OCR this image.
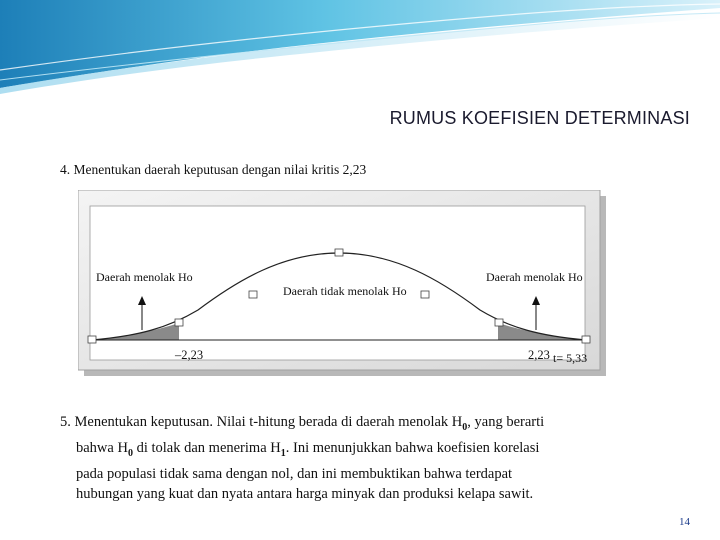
RUMUS KOEFISIEN DETERMINASI
4. Menentukan daerah keputusan dengan nilai kritis 2,23
Daerah menolak Ho
Daerah tidak menolak Ho
Daerah menolak Ho
–2,23	2,23 t= 5,33
5. Menentukan keputusan. Nilai t-hitung berada di daerah menolak $H_0$, yang berarti
bahwa $H_0$ di tolak dan menerima $H_1$. Ini menunjukkan bahwa koefisien korelasi
pada populasi tidak sama dengan nol, dan ini membuktikan bahwa terdapat
hubungan yang kuat dan nyata antara harga minyak dan produksi kelapa sawit.
14
